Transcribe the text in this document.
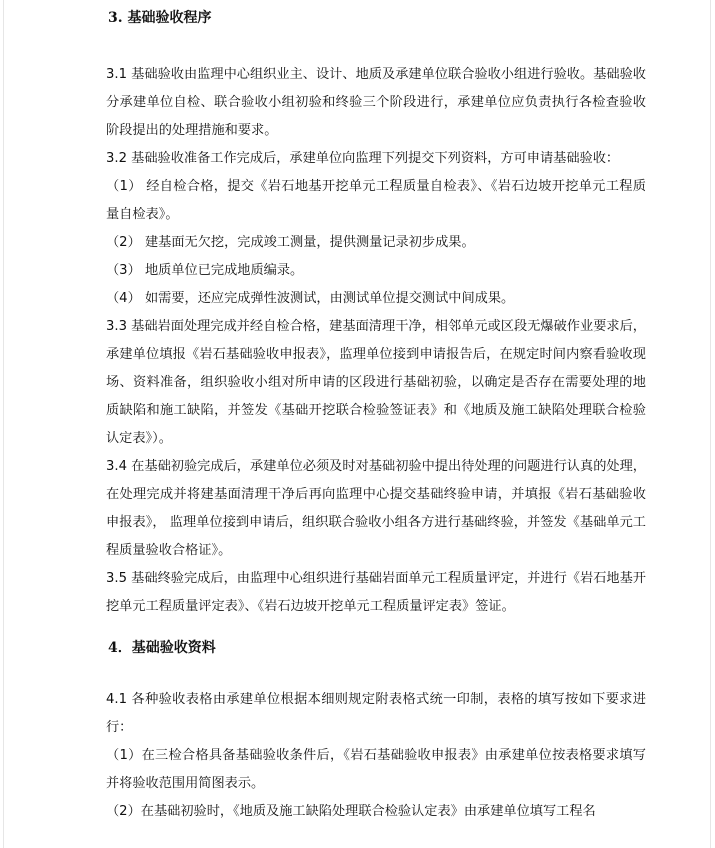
3. 基础验收程序

3.1 基础验收由监理中心组织业主、设计、地质及承建单位联合验收小组进行验收。基础验收分承建单位自检、联合验收小组初验和终验三个阶段进行，承建单位应负责执行各检查验收阶段提出的处理措施和要求。

3.2 基础验收准备工作完成后，承建单位向监理下列提交下列资料，方可申请基础验收：

（1） 经自检合格，提交《岩石地基开挖单元工程质量自检表》、《岩石边坡开挖单元工程质量自检表》。

（2） 建基面无欠挖，完成竣工测量，提供测量记录初步成果。

（3） 地质单位已完成地质编录。

（4） 如需要，还应完成弹性波测试，由测试单位提交测试中间成果。

3.3 基础岩面处理完成并经自检合格，建基面清理干净，相邻单元或区段无爆破作业要求后，承建单位填报《岩石基础验收申报表》，监理单位接到申请报告后，在规定时间内察看验收现场、资料准备，组织验收小组对所申请的区段进行基础初验，以确定是否存在需要处理的地质缺陷和施工缺陷，并签发《基础开挖联合检验签证表》和《地质及施工缺陷处理联合检验认定表》）。

3.4 在基础初验完成后，承建单位必须及时对基础初验中提出待处理的问题进行认真的处理，在处理完成并将建基面清理干净后再向监理中心提交基础终验申请，并填报《岩石基础验收申报表》， 监理单位接到申请后，组织联合验收小组各方进行基础终验，并签发《基础单元工程质量验收合格证》。

3.5 基础终验完成后，由监理中心组织进行基础岩面单元工程质量评定，并进行《岩石地基开挖单元工程质量评定表》、《岩石边坡开挖单元工程质量评定表》签证。

4．基础验收资料

4.1 各种验收表格由承建单位根据本细则规定附表格式统一印制，表格的填写按如下要求进行：

（1）在三检合格具备基础验收条件后，《岩石基础验收申报表》由承建单位按表格要求填写并将验收范围用简图表示。

（2）在基础初验时，《地质及施工缺陷处理联合检验认定表》由承建单位填写工程名
